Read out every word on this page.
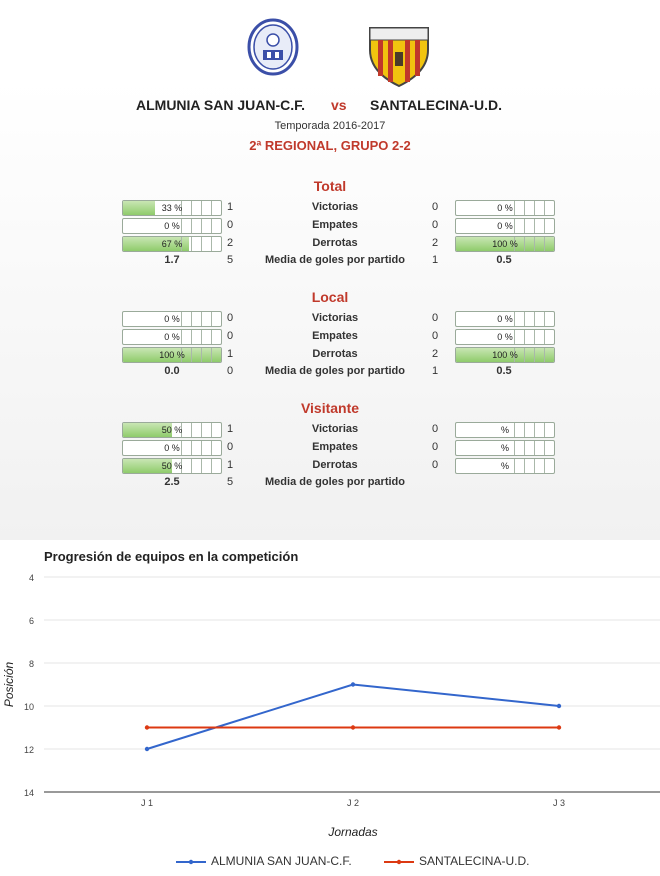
ALMUNIA SAN JUAN-C.F. vs SANTALECINA-U.D.
Temporada 2016-2017
2ª REGIONAL, GRUPO 2-2
Total
33 %	1	Victorias	0	0 %
0 %	0	Empates	0	0 %
67 %	2	Derrotas	2	100 %
1.7	5	Media de goles por partido	1	0.5
Local
0 %	0	Victorias	0	0 %
0 %	0	Empates	0	0 %
100 %	1	Derrotas	2	100 %
0.0	0	Media de goles por partido	1	0.5
Visitante
50 %	1	Victorias	0	%
0 %	0	Empates	0	%
50 %	1	Derrotas	0	%
2.5	5	Media de goles por partido
Progresión de equipos en la competición
4
6
8
10
12
14
J 1	J 2	J 3
Posición
Jornadas
ALMUNIA SAN JUAN-C.F.	SANTALECINA-U.D.
